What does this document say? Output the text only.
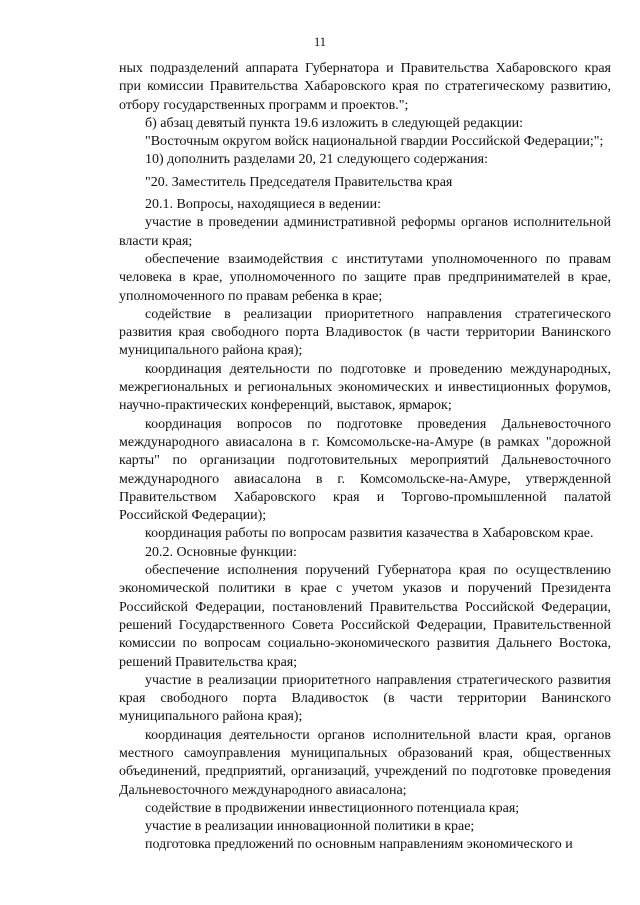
11

ных подразделений аппарата Губернатора и Правительства Хабаровского края при комиссии Правительства Хабаровского края по стратегическому развитию, отбору государственных программ и проектов.";

б) абзац девятый пункта 19.6 изложить в следующей редакции:

"Восточным округом войск национальной гвардии Российской Федерации;";

10) дополнить разделами 20, 21 следующего содержания:

"20. Заместитель Председателя Правительства края

20.1. Вопросы, находящиеся в ведении:

участие в проведении административной реформы органов исполнительной власти края;

обеспечение взаимодействия с институтами уполномоченного по правам человека в крае, уполномоченного по защите прав предпринимателей в крае, уполномоченного по правам ребенка в крае;

содействие в реализации приоритетного направления стратегического развития края свободного порта Владивосток (в части территории Ванинского муниципального района края);

координация деятельности по подготовке и проведению международных, межрегиональных и региональных экономических и инвестиционных форумов, научно-практических конференций, выставок, ярмарок;

координация вопросов по подготовке проведения Дальневосточного международного авиасалона в г. Комсомольске-на-Амуре (в рамках "дорожной карты" по организации подготовительных мероприятий Дальневосточного международного авиасалона в г. Комсомольске-на-Амуре, утвержденной Правительством Хабаровского края и Торгово-промышленной палатой Российской Федерации);

координация работы по вопросам развития казачества в Хабаровском крае.

20.2. Основные функции:

обеспечение исполнения поручений Губернатора края по осуществлению экономической политики в крае с учетом указов и поручений Президента Российской Федерации, постановлений Правительства Российской Федерации, решений Государственного Совета Российской Федерации, Правительственной комиссии по вопросам социально-экономического развития Дальнего Востока, решений Правительства края;

участие в реализации приоритетного направления стратегического развития края свободного порта Владивосток (в части территории Ванинского муниципального района края);

координация деятельности органов исполнительной власти края, органов местного самоуправления муниципальных образований края, общественных объединений, предприятий, организаций, учреждений по подготовке проведения Дальневосточного международного авиасалона;

содействие в продвижении инвестиционного потенциала края;

участие в реализации инновационной политики в крае;

подготовка предложений по основным направлениям экономического и
